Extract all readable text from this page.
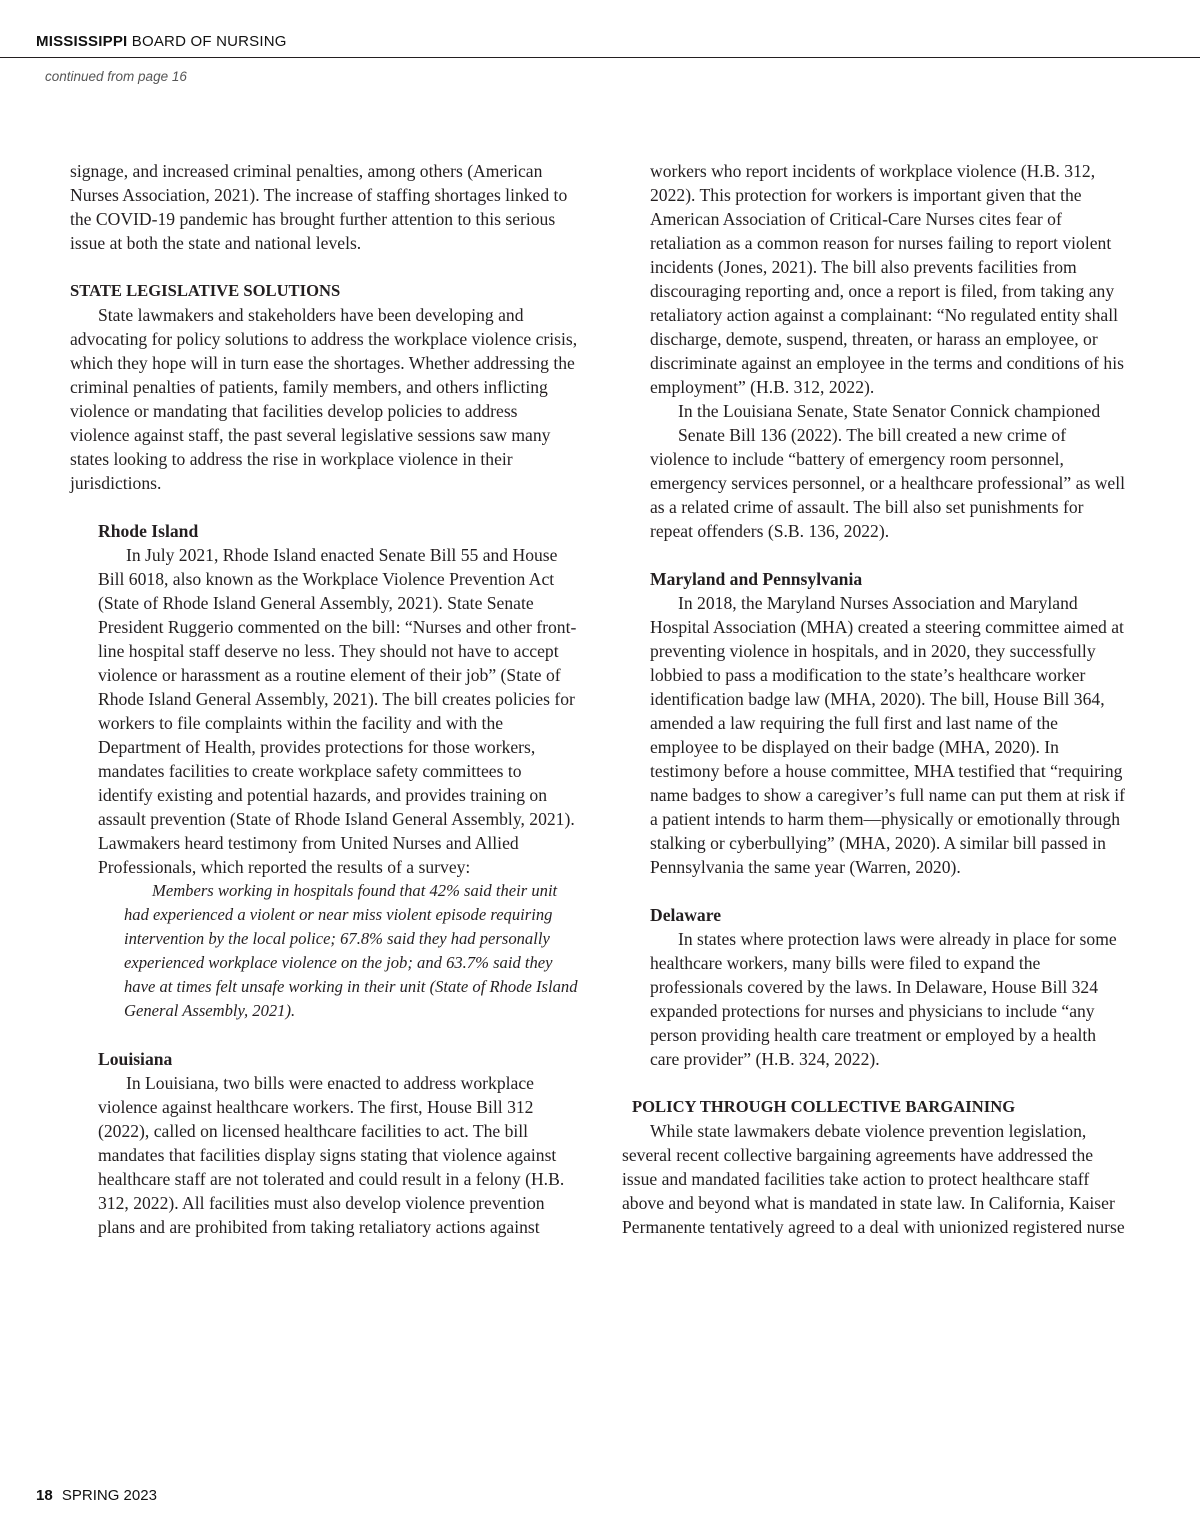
MISSISSIPPI BOARD OF NURSING
continued from page 16

signage, and increased criminal penalties, among others (American Nurses Association, 2021). The increase of staffing shortages linked to the COVID-19 pandemic has brought further attention to this serious issue at both the state and national levels.

STATE LEGISLATIVE SOLUTIONS

State lawmakers and stakeholders have been developing and advocating for policy solutions to address the workplace violence crisis, which they hope will in turn ease the shortages. Whether addressing the criminal penalties of patients, family members, and others inflicting violence or mandating that facilities develop policies to address violence against staff, the past several legislative sessions saw many states looking to address the rise in workplace violence in their jurisdictions.

Rhode Island

In July 2021, Rhode Island enacted Senate Bill 55 and House Bill 6018, also known as the Workplace Violence Prevention Act (State of Rhode Island General Assembly, 2021). State Senate President Ruggerio commented on the bill: “Nurses and other front-line hospital staff deserve no less. They should not have to accept violence or harassment as a routine element of their job” (State of Rhode Island General Assembly, 2021). The bill creates policies for workers to file complaints within the facility and with the Department of Health, provides protections for those workers, mandates facilities to create workplace safety committees to identify existing and potential hazards, and provides training on assault prevention (State of Rhode Island General Assembly, 2021). Lawmakers heard testimony from United Nurses and Allied Professionals, which reported the results of a survey:

Members working in hospitals found that 42% said their unit had experienced a violent or near miss violent episode requiring intervention by the local police; 67.8% said they had personally experienced workplace violence on the job; and 63.7% said they have at times felt unsafe working in their unit (State of Rhode Island General Assembly, 2021).

Louisiana

In Louisiana, two bills were enacted to address workplace violence against healthcare workers. The first, House Bill 312 (2022), called on licensed healthcare facilities to act. The bill mandates that facilities display signs stating that violence against healthcare staff are not tolerated and could result in a felony (H.B. 312, 2022). All facilities must also develop violence prevention plans and are prohibited from taking retaliatory actions against

workers who report incidents of workplace violence (H.B. 312, 2022). This protection for workers is important given that the American Association of Critical-Care Nurses cites fear of retaliation as a common reason for nurses failing to report violent incidents (Jones, 2021). The bill also prevents facilities from discouraging reporting and, once a report is filed, from taking any retaliatory action against a complainant: “No regulated entity shall discharge, demote, suspend, threaten, or harass an employee, or discriminate against an employee in the terms and conditions of his employment” (H.B. 312, 2022).

In the Louisiana Senate, State Senator Connick championed

Senate Bill 136 (2022). The bill created a new crime of violence to include “battery of emergency room personnel, emergency services personnel, or a healthcare professional” as well as a related crime of assault. The bill also set punishments for repeat offenders (S.B. 136, 2022).

Maryland and Pennsylvania

In 2018, the Maryland Nurses Association and Maryland Hospital Association (MHA) created a steering committee aimed at preventing violence in hospitals, and in 2020, they successfully lobbied to pass a modification to the state’s healthcare worker identification badge law (MHA, 2020). The bill, House Bill 364, amended a law requiring the full first and last name of the employee to be displayed on their badge (MHA, 2020). In testimony before a house committee, MHA testified that “requiring name badges to show a caregiver’s full name can put them at risk if a patient intends to harm them—physically or emotionally through stalking or cyberbullying” (MHA, 2020). A similar bill passed in Pennsylvania the same year (Warren, 2020).

Delaware

In states where protection laws were already in place for some healthcare workers, many bills were filed to expand the professionals covered by the laws. In Delaware, House Bill 324 expanded protections for nurses and physicians to include “any person providing health care treatment or employed by a health care provider” (H.B. 324, 2022).

POLICY THROUGH COLLECTIVE BARGAINING

While state lawmakers debate violence prevention legislation, several recent collective bargaining agreements have addressed the issue and mandated facilities take action to protect healthcare staff above and beyond what is mandated in state law. In California, Kaiser Permanente tentatively agreed to a deal with unionized registered nurse

18 SPRING 2023
